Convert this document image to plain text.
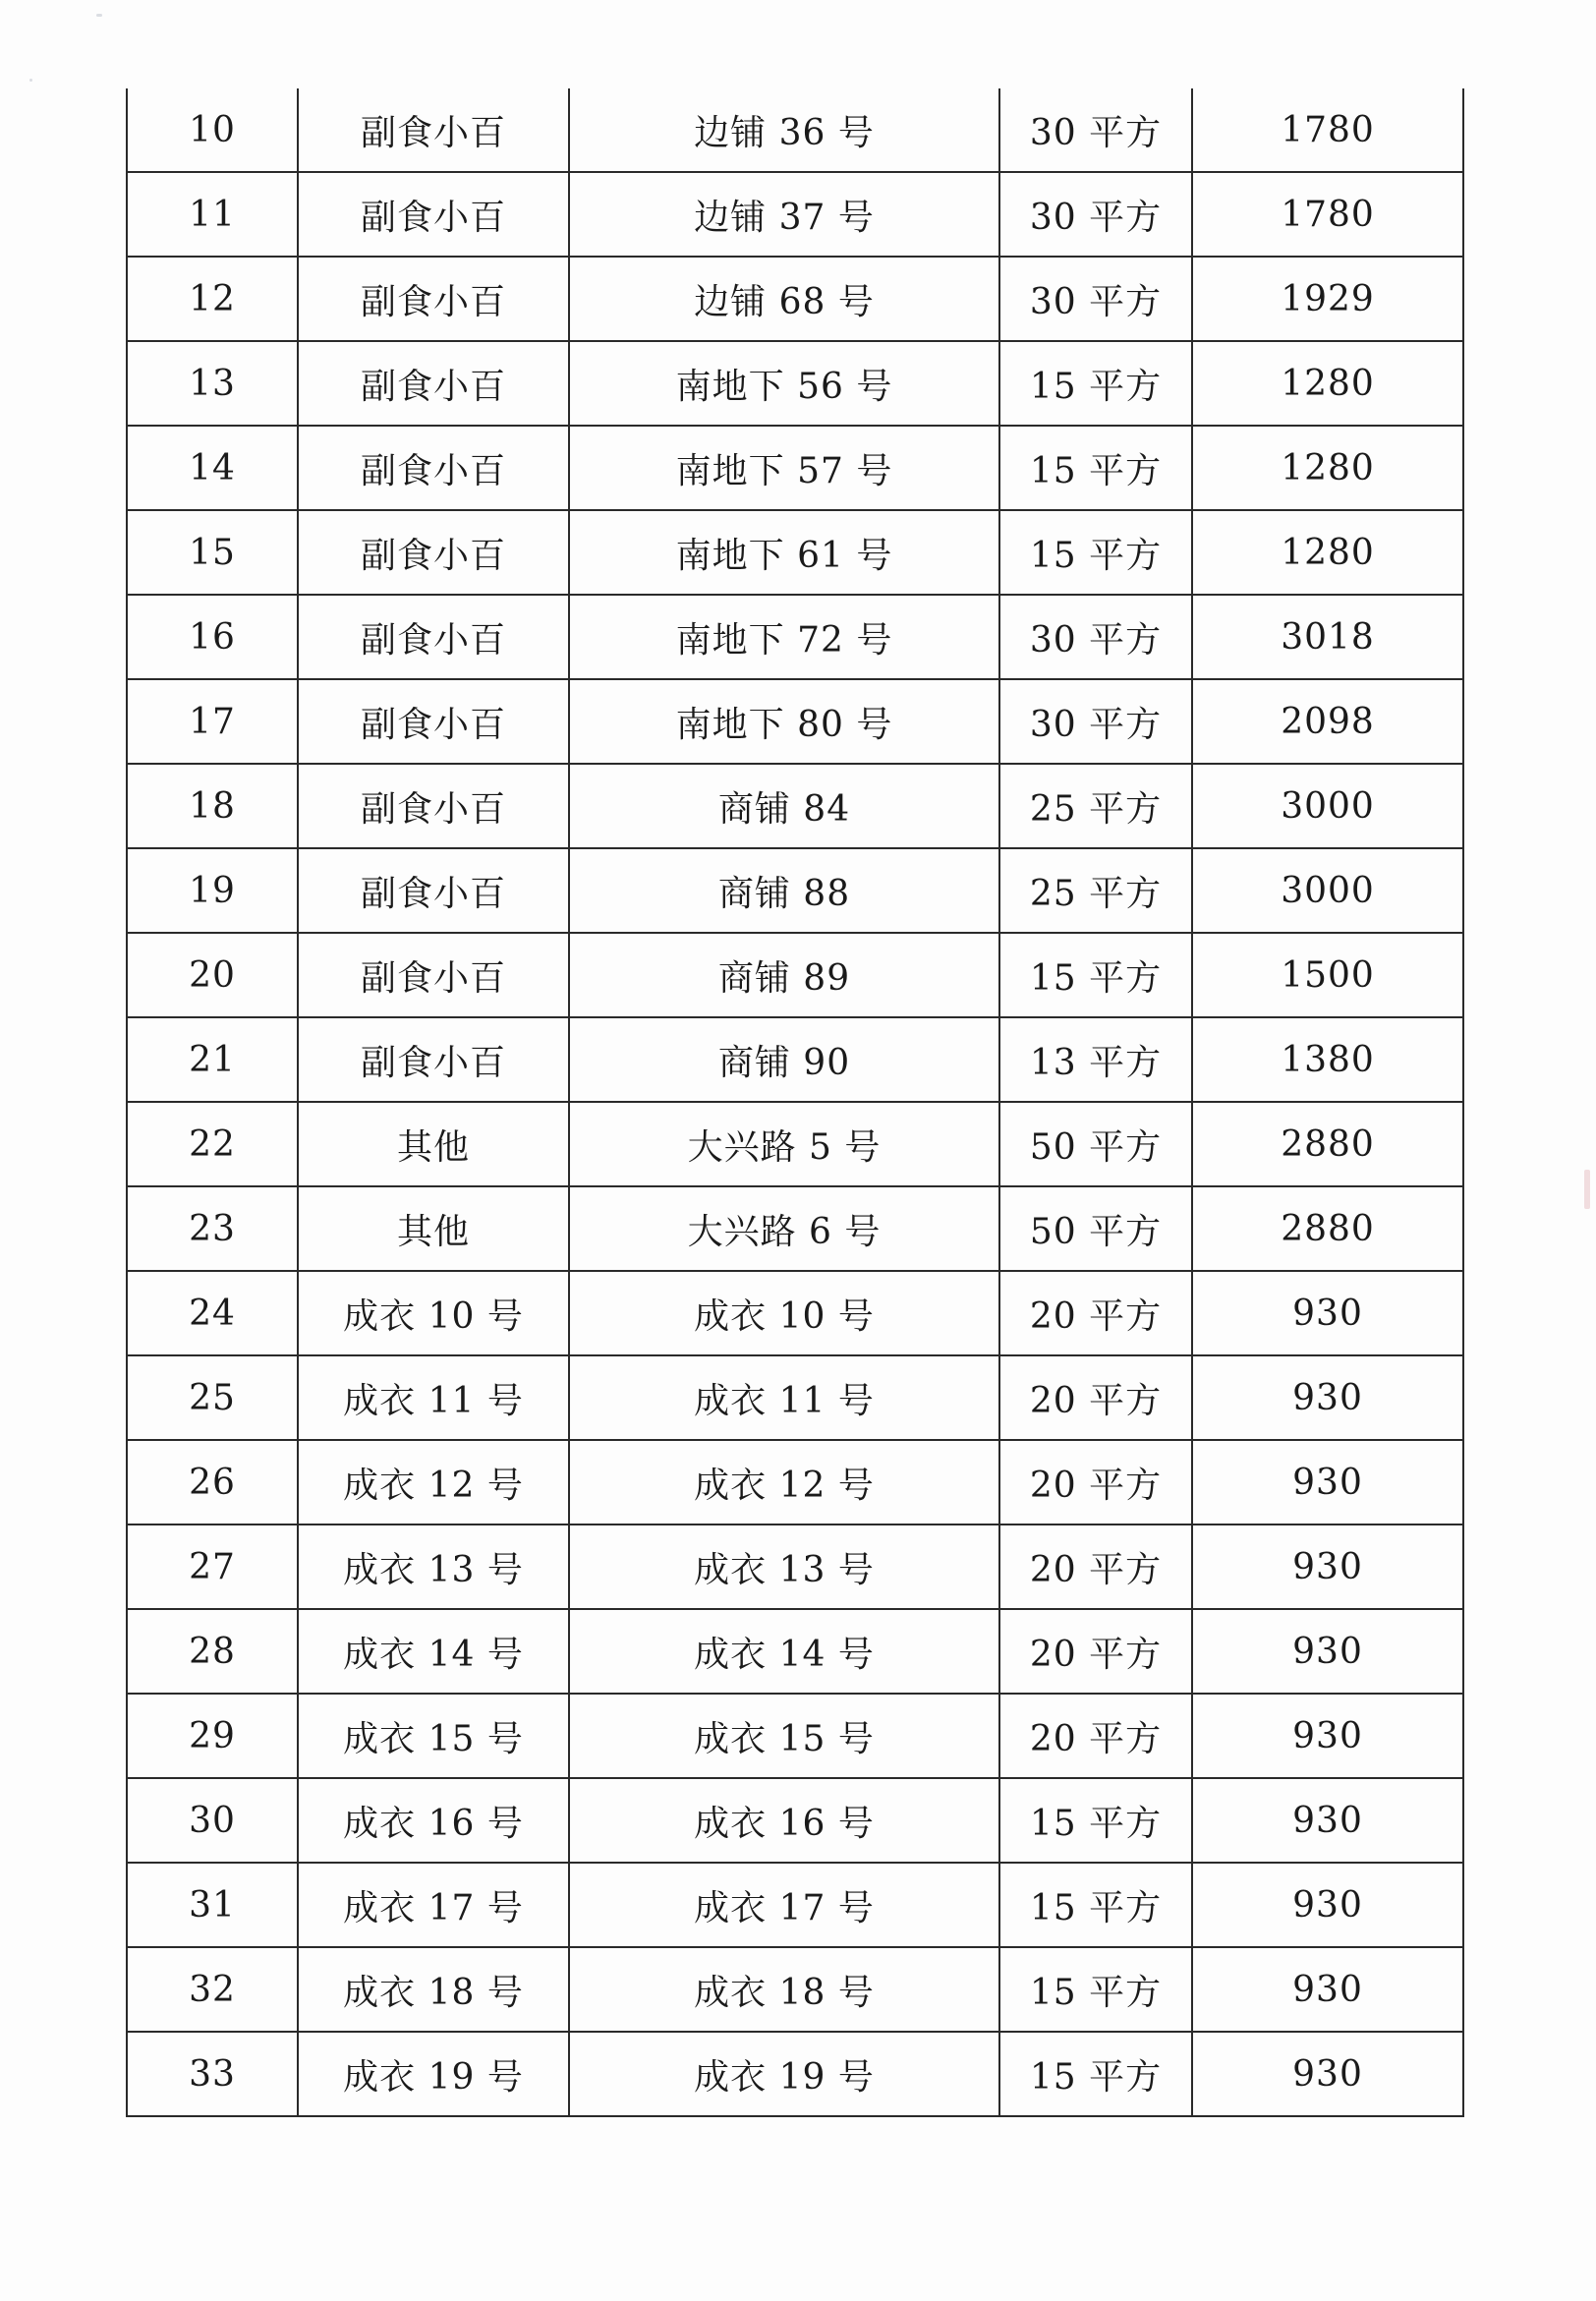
10	副食小百	边铺 36 号	30 平方	1780
11	副食小百	边铺 37 号	30 平方	1780
12	副食小百	边铺 68 号	30 平方	1929
13	副食小百	南地下 56 号	15 平方	1280
14	副食小百	南地下 57 号	15 平方	1280
15	副食小百	南地下 61 号	15 平方	1280
16	副食小百	南地下 72 号	30 平方	3018
17	副食小百	南地下 80 号	30 平方	2098
18	副食小百	商铺 84	25 平方	3000
19	副食小百	商铺 88	25 平方	3000
20	副食小百	商铺 89	15 平方	1500
21	副食小百	商铺 90	13 平方	1380
22	其他	大兴路 5 号	50 平方	2880
23	其他	大兴路 6 号	50 平方	2880
24	成衣 10 号	成衣 10 号	20 平方	930
25	成衣 11 号	成衣 11 号	20 平方	930
26	成衣 12 号	成衣 12 号	20 平方	930
27	成衣 13 号	成衣 13 号	20 平方	930
28	成衣 14 号	成衣 14 号	20 平方	930
29	成衣 15 号	成衣 15 号	20 平方	930
30	成衣 16 号	成衣 16 号	15 平方	930
31	成衣 17 号	成衣 17 号	15 平方	930
32	成衣 18 号	成衣 18 号	15 平方	930
33	成衣 19 号	成衣 19 号	15 平方	930
